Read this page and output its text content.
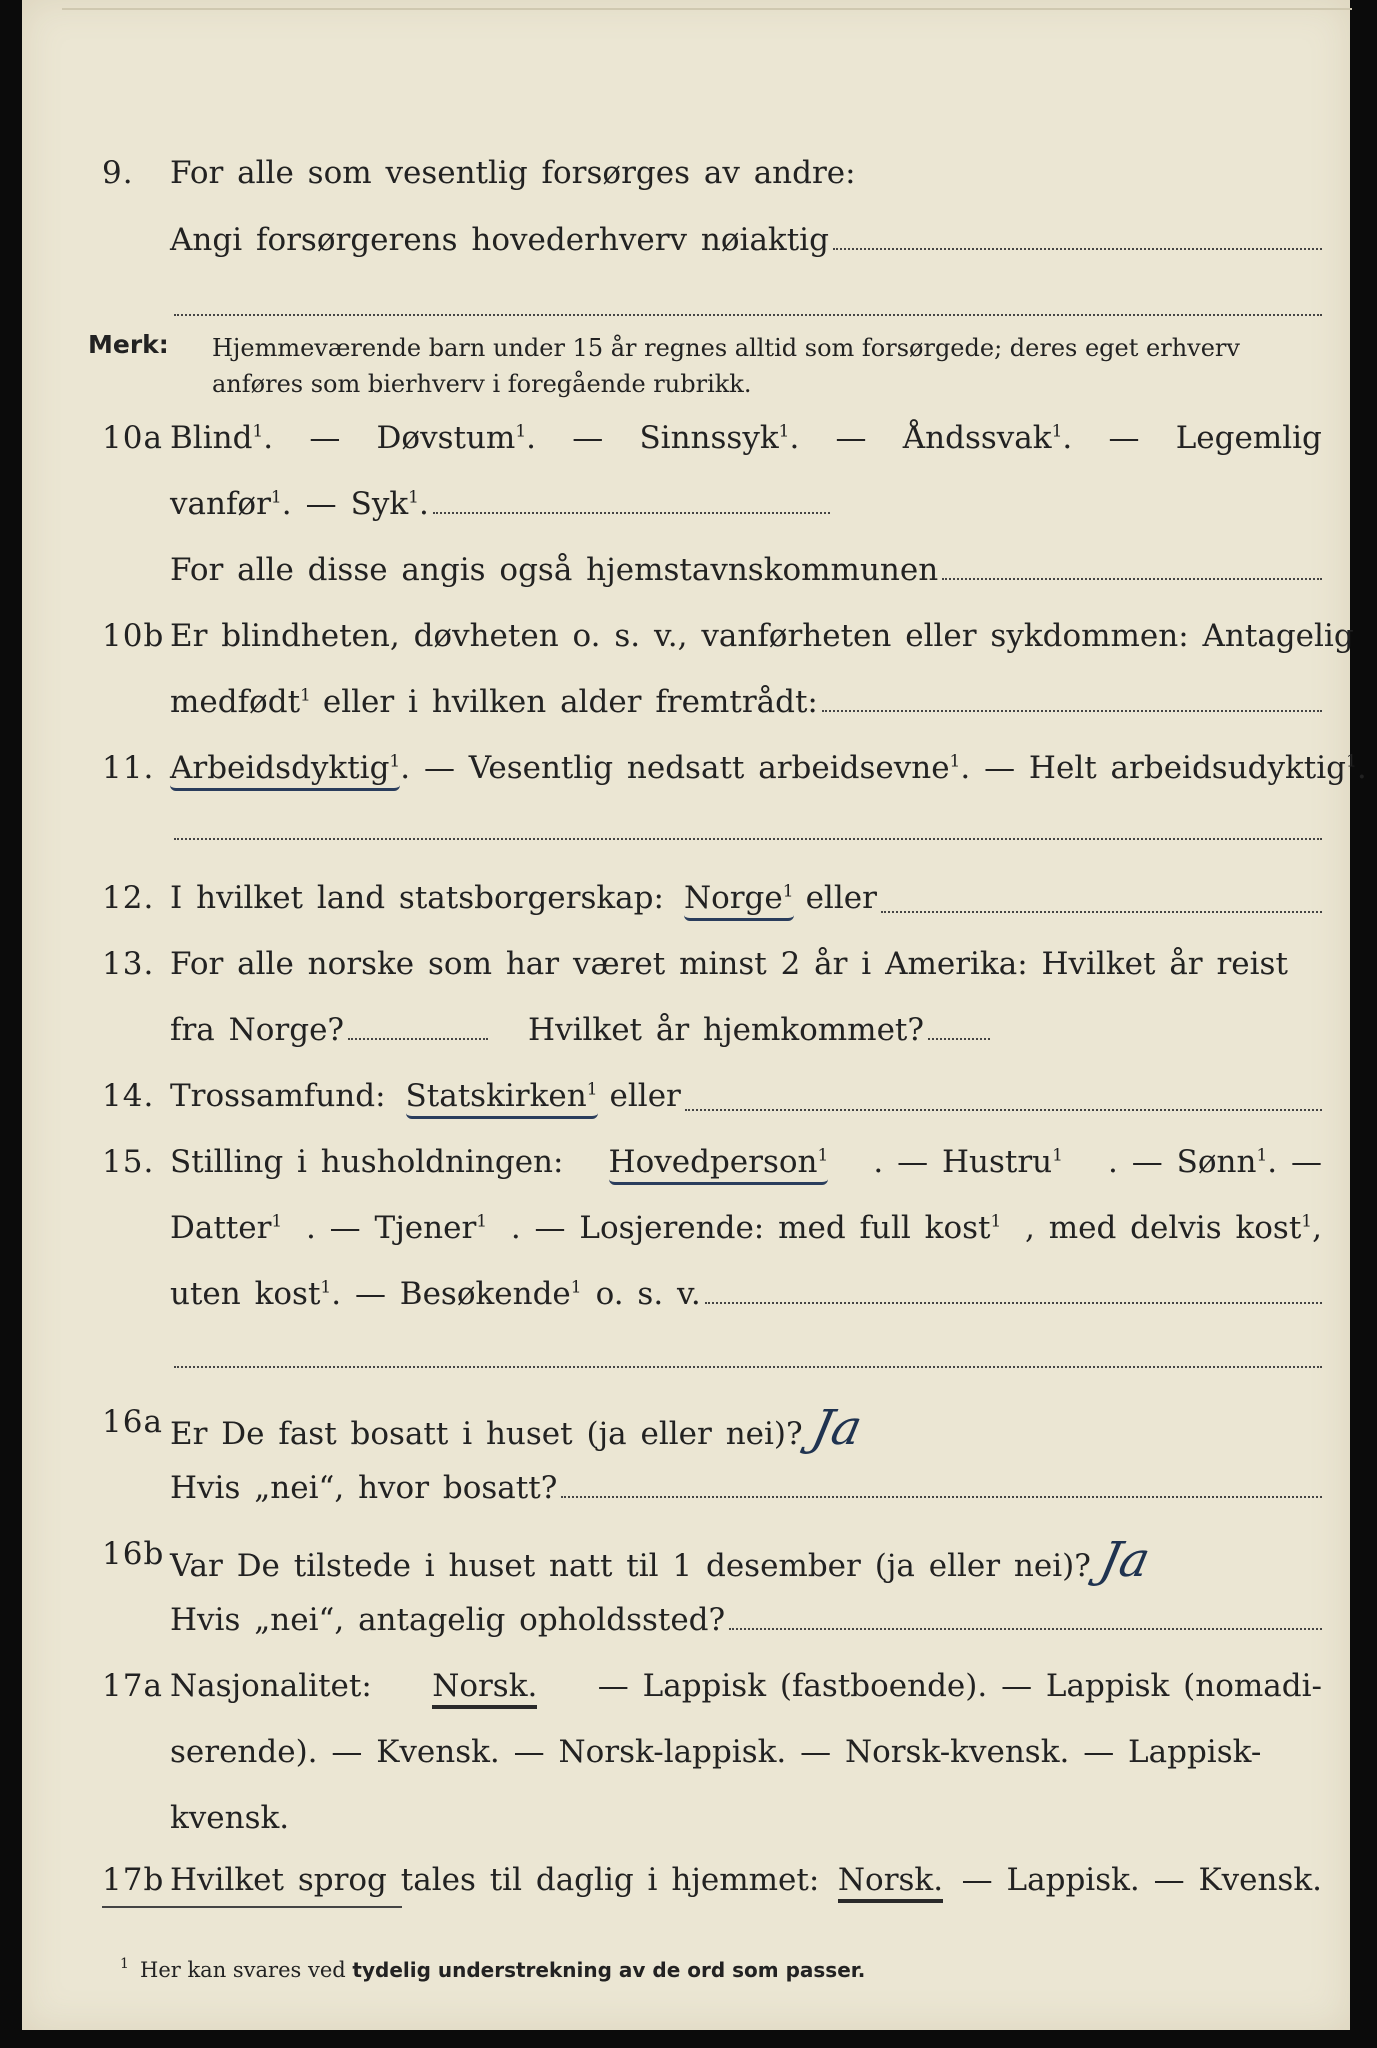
9.	For alle som vesentlig forsørges av andre:
Angi forsørgerens hovederhverv nøiaktig
Merk: Hjemmeværende barn under 15 år regnes alltid som forsørgede; deres eget erhverv
anføres som bierhverv i foregående rubrikk.
10a Blind$^1$. — Døvstum$^1$. — Sinnssyk$^1$. — Åndssvak$^1$. — Legemlig
vanfør$^1$. — Syk$^1$.
For alle disse angis også hjemstavnskommunen
10b Er blindheten, døvheten o. s. v., vanførheten eller sykdommen: Antagelig
medfødt$^1$ eller i hvilken alder fremtrådt:
11. Arbeidsdyktig$^1$ . — Vesentlig nedsatt arbeidsevne$^1$ . — Helt arbeidsudyktig$^1$.
12. I hvilket land statsborgerskap: Norge$^1$ eller
13. For alle norske som har været minst 2 år i Amerika: Hvilket år reist
fra Norge?	Hvilket år hjemkommet?
14. Trossamfund: Statskirken$^1$ eller
15. Stilling i husholdningen: Hovedperson$^1$ . — Hustru$^1$ . — Sønn$^1$. —
Datter$^1$ . — Tjener$^1$ . — Losjerende: med full kost$^1$ , med delvis kost$^1$,
uten kost$^1$ . — Besøkende$^1$ o. s. v.
16a Er De fast bosatt i huset (ja eller nei)? Ja
Hvis „nei“, hvor bosatt?
16b Var De tilstede i huset natt til 1 desember (ja eller nei)? Ja
Hvis „nei“, antagelig opholdssted?
17a Nasjonalitet: Norsk. — Lappisk (fastboende). — Lappisk (nomadi-
serende). — Kvensk. — Norsk-lappisk. — Norsk-kvensk. — Lappisk-
kvensk.
17b Hvilket sprog tales til daglig i hjemmet: Norsk. — Lappisk. — Kvensk.
1 Her kan svares ved tydelig understrekning av de ord som passer.
